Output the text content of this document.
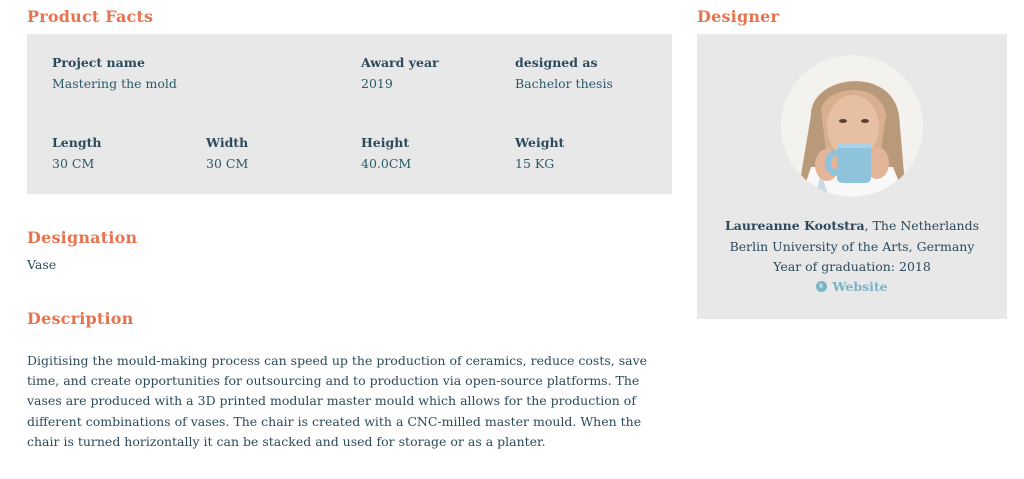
Product Facts
Project name
Mastering the mold
Award year
2019
designed as
Bachelor thesis
Length
30 CM
Width
30 CM
Height
40.0CM
Weight
15 KG
Designation
Vase
Description
Digitising the mould-making process can speed up the production of ceramics, reduce costs, save time, and create opportunities for outsourcing and to production via open-source platforms. The vases are produced with a 3D printed modular master mould which allows for the production of different combinations of vases. The chair is created with a CNC-milled master mould. When the chair is turned horizontally it can be stacked and used for storage or as a planter.
Designer
Laureanne Kootstra, The Netherlands
Berlin University of the Arts, Germany
Year of graduation: 2018
Website
